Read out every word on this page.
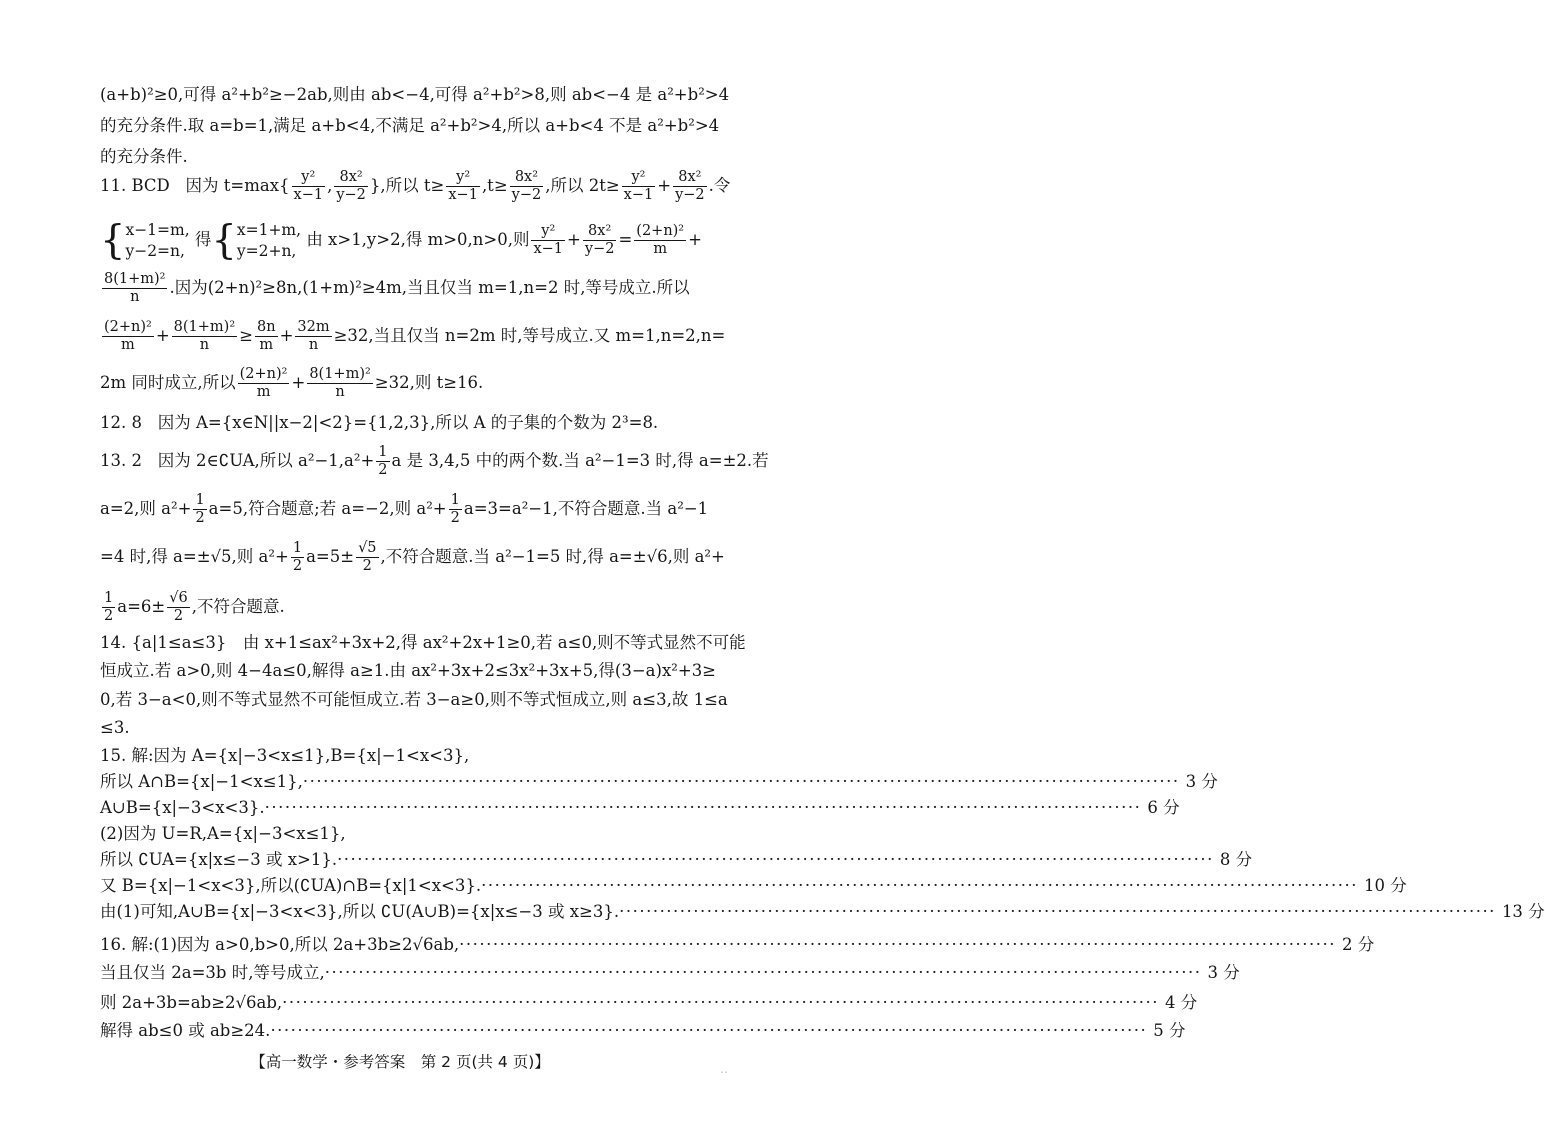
(a+b)²≥0,可得 a²+b²≥−2ab,则由 ab<−4,可得 a²+b²>8,则 ab<−4 是 a²+b²>4
的充分条件.取 a=b=1,满足 a+b<4,不满足 a²+b²>4,所以 a+b<4 不是 a²+b²>4
的充分条件.
11. BCD 因为 $t=\max\{ \frac{\text{y²}}{x-1}$ , $\frac{\text{8x²}}{y-2}$ },所以 $t\ge \frac{\text{y²}}{x-1} ,t\ge \frac{\text{8x²}}{y-2}$ ,所以 $2t\ge \frac{\text{y²}}{x-1} + \frac{\text{8x²}}{y-2}$ .令
{ x−1=m,
y−2=n,
得{ x=1+m,
y=2+n,
由 x>1,y>2,得 m>0,n>0,则 $\frac{\text{y²}}{x-1} + \frac{\text{8x²}}{y-2} = \frac{\text{(2+n)²}}{m}$ +
$\frac{\text{8(1+m)²}}{n}$ .因为(2+n)²≥8n,(1+m)²≥4m,当且仅当 m=1,n=2 时,等号成立.所以
$\frac{\text{(2+n)²}}{m} + \frac{\text{8(1+m)²}}{n} \ge \frac{8n}{m} + \frac{32m}{n} \ge 32$,当且仅当 n=2m 时,等号成立.又 m=1,n=2,n=
2m 同时成立,所以 $\frac{\text{(2+n)²}}{m} + \frac{\text{8(1+m)²}}{n} \ge 32$,则 t≥16.
12. 8 因为 A={x∈N||x−2|<2}={1,2,3},所以 A 的子集的个数为 2³=8.
13. 2 因为 2∈∁UA,所以 $a^2-1,a^2+ \frac{1}{2}$ a 是 3,4,5 中的两个数.当 a²−1=3 时,得 a=±2.若
a=2,则 $a^2+ \frac{1}{2} a=5$,符合题意;若 a=−2,则 $a^2+ \frac{1}{2} a=3=a^2-1$,不符合题意.当 a²−1
=4 时,得 a=±√5,则 $a^2+ \frac{1}{2} a=5\pm \frac{√5}{2}$ ,不符合题意.当 a²−1=5 时,得 a=±√6,则 a²+
$\frac{1}{2} a=6\pm \frac{√6}{2}$ ,不符合题意.
14. {a|1≤a≤3}　由 x+1≤ax²+3x+2,得 ax²+2x+1≥0,若 a≤0,则不等式显然不可能
恒成立.若 a>0,则 4−4a≤0,解得 a≥1.由 ax²+3x+2≤3x²+3x+5,得(3−a)x²+3≥
0,若 3−a<0,则不等式显然不可能恒成立.若 3−a≥0,则不等式恒成立,则 a≤3,故 1≤a
≤3.
15. 解:因为 A={x|−3<x≤1},B={x|−1<x<3},
所以 A∩B={x|−1<x≤1}, ·································································································································· 3 分
A∪B={x|−3<x<3}. ·································································································································· 6 分
(2)因为 U=R,A={x|−3<x≤1},
所以 ∁UA={x|x≤−3 或 x>1}. ·································································································································· 8 分
又 B={x|−1<x<3},所以(∁UA)∩B={x|1<x<3}. ·································································································································· 10 分
由(1)可知,A∪B={x|−3<x<3},所以 ∁U(A∪B)={x|x≤−3 或 x≥3}. ·································································································································· 13 分
16. 解:(1)因为 a>0,b>0,所以 2a+3b≥2√6ab, ·································································································································· 2 分
当且仅当 2a=3b 时,等号成立, ·································································································································· 3 分
则 2a+3b=ab≥2√6ab, ·································································································································· 4 分
解得 ab≤0 或 ab≥24. ·································································································································· 5 分
【高一数学・参考答案　第 2 页(共 4 页)】	..
